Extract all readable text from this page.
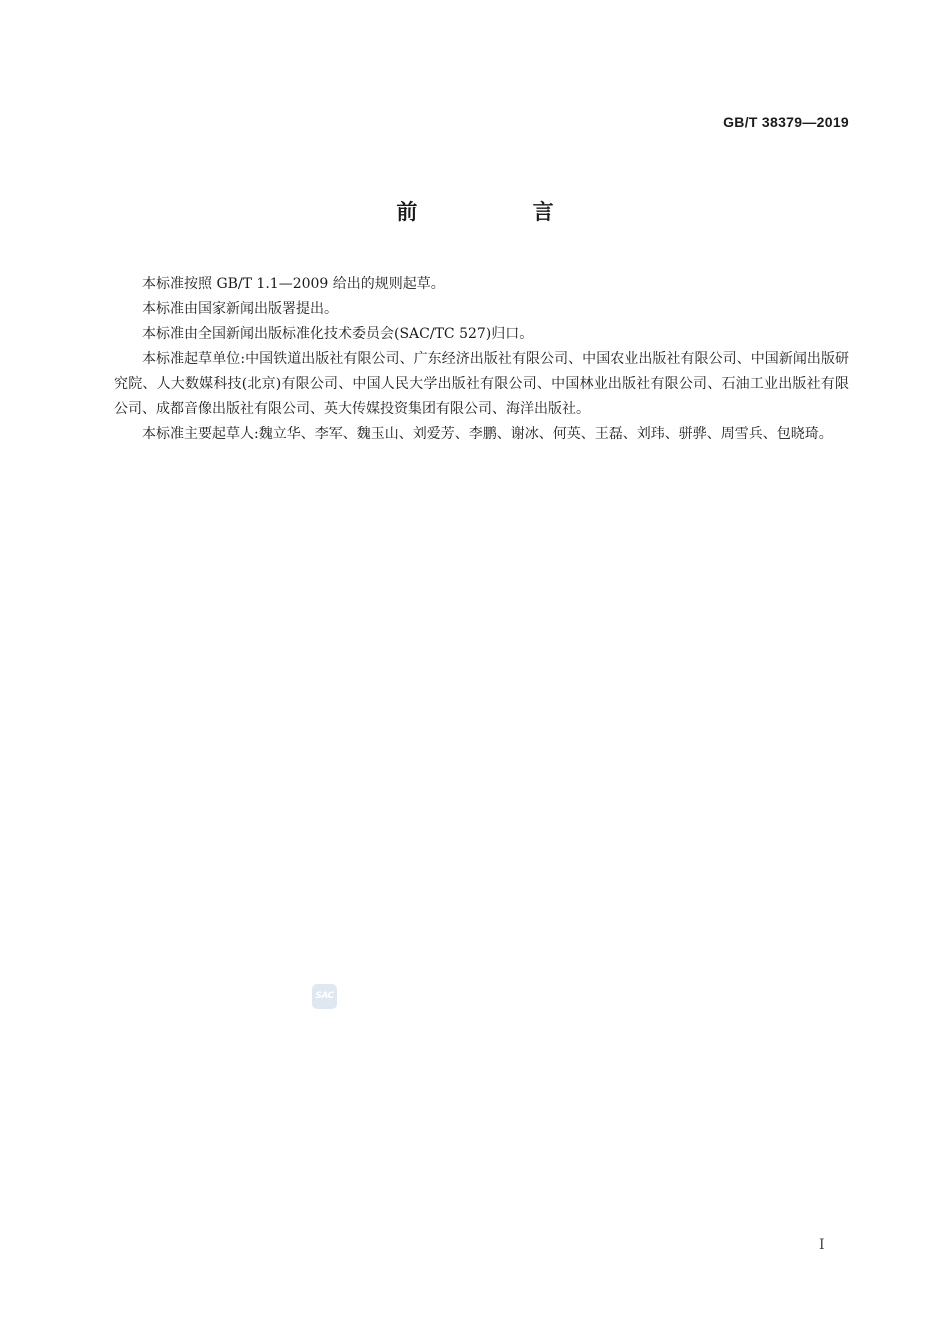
GB/T 38379—2019
前 言

本标准按照 GB/T 1.1—2009 给出的规则起草。

本标准由国家新闻出版署提出。

本标准由全国新闻出版标准化技术委员会(SAC/TC 527)归口。

本标准起草单位:中国铁道出版社有限公司、广东经济出版社有限公司、中国农业出版社有限公司、中国新闻出版研究院、人大数媒科技(北京)有限公司、中国人民大学出版社有限公司、中国林业出版社有限公司、石油工业出版社有限公司、成都音像出版社有限公司、英大传媒投资集团有限公司、海洋出版社。

本标准主要起草人:魏立华、李军、魏玉山、刘爱芳、李鹏、谢冰、何英、王磊、刘玮、骈骅、周雪兵、包晓琦。

SAC
I
